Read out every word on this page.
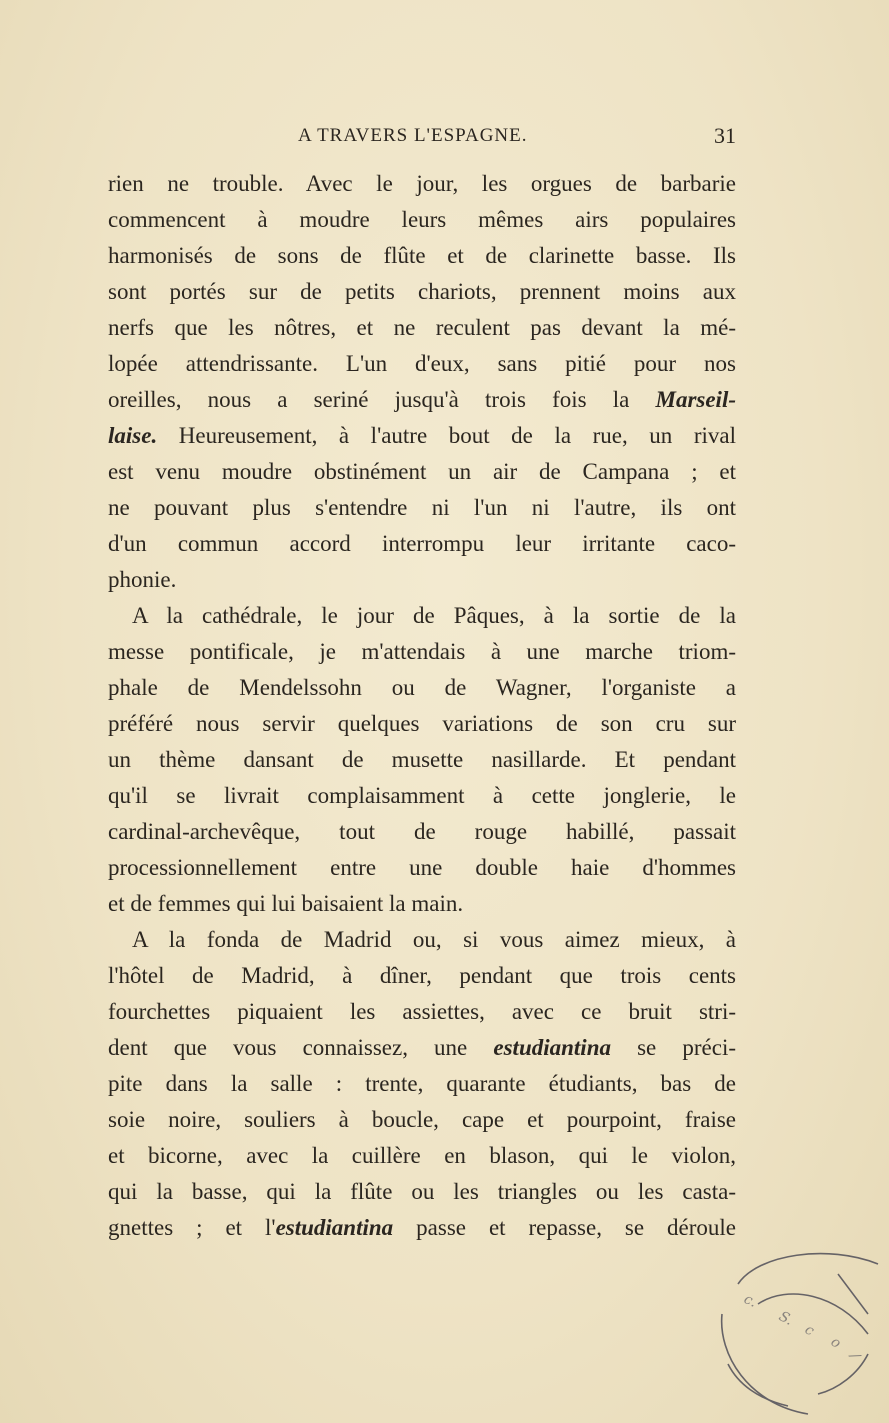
A TRAVERS L'ESPAGNE.	31
rien ne trouble. Avec le jour, les orgues de barbarie
commencent à moudre leurs mêmes airs populaires
harmonisés de sons de flûte et de clarinette basse. Ils
sont portés sur de petits chariots, prennent moins aux
nerfs que les nôtres, et ne reculent pas devant la mé-
lopée attendrissante. L'un d'eux, sans pitié pour nos
oreilles, nous a seriné jusqu'à trois fois la Marseil-
laise. Heureusement, à l'autre bout de la rue, un rival
est venu moudre obstinément un air de Campana ; et
ne pouvant plus s'entendre ni l'un ni l'autre, ils ont
d'un commun accord interrompu leur irritante caco-
phonie.
A la cathédrale, le jour de Pâques, à la sortie de la
messe pontificale, je m'attendais à une marche triom-
phale de Mendelssohn ou de Wagner, l'organiste a
préféré nous servir quelques variations de son cru sur
un thème dansant de musette nasillarde. Et pendant
qu'il se livrait complaisamment à cette jonglerie, le
cardinal-archevêque, tout de rouge habillé, passait
processionnellement entre une double haie d'hommes
et de femmes qui lui baisaient la main.
A la fonda de Madrid ou, si vous aimez mieux, à
l'hôtel de Madrid, à dîner, pendant que trois cents
fourchettes piquaient les assiettes, avec ce bruit stri-
dent que vous connaissez, une estudiantina se préci-
pite dans la salle : trente, quarante étudiants, bas de
soie noire, souliers à boucle, cape et pourpoint, fraise
et bicorne, avec la cuillère en blason, qui le violon,
qui la basse, qui la flûte ou les triangles ou les casta-
gnettes ; et l'estudiantina passe et repasse, se déroule
c.
S.
c
o
/
